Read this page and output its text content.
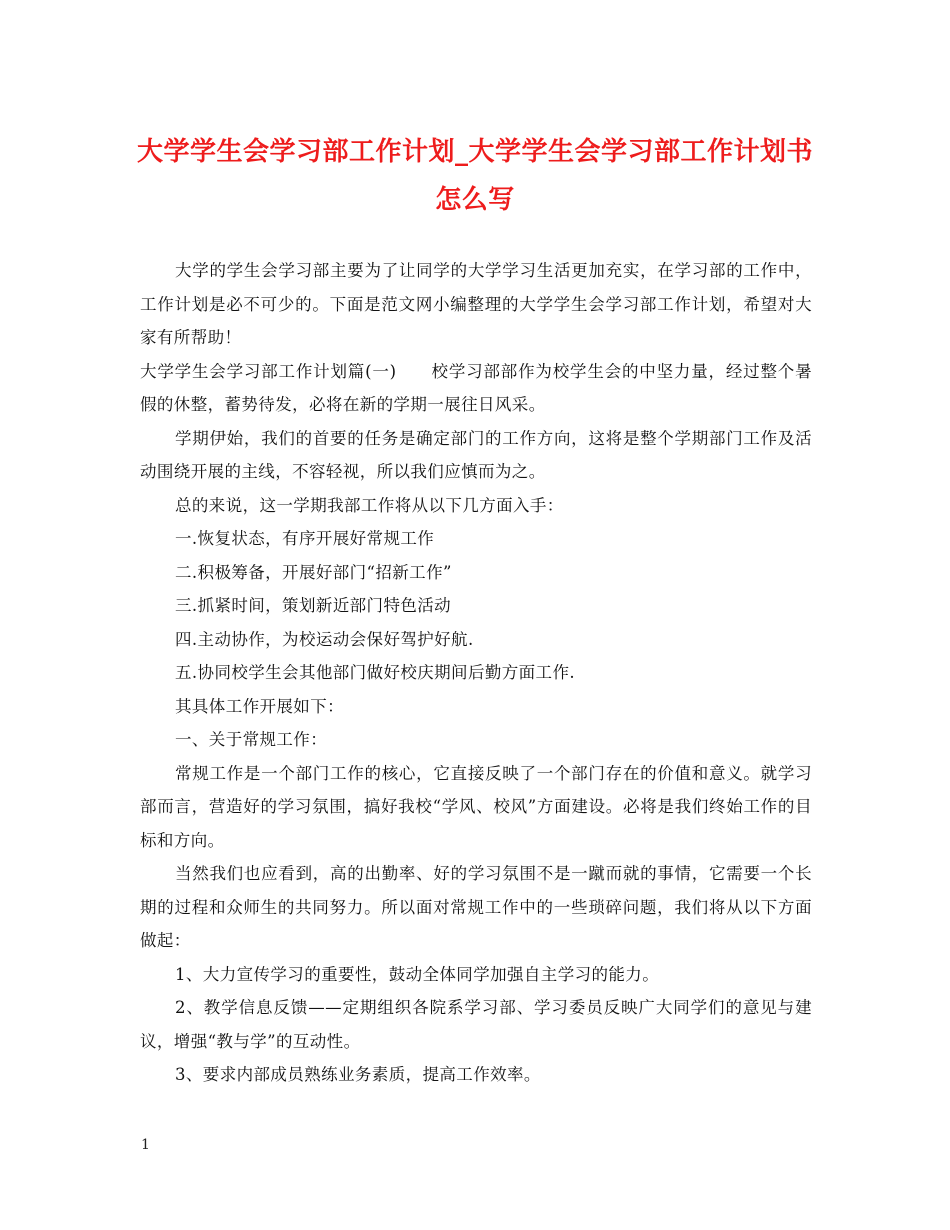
大学学生会学习部工作计划_大学学生会学习部工作计划书怎么写

大学的学生会学习部主要为了让同学的大学学习生活更加充实，在学习部的工作中，工作计划是必不可少的。下面是范文网小编整理的大学学生会学习部工作计划，希望对大家有所帮助！

大学学生会学习部工作计划篇(一)　　校学习部部作为校学生会的中坚力量，经过整个暑假的休整，蓄势待发，必将在新的学期一展往日风采。

学期伊始，我们的首要的任务是确定部门的工作方向，这将是整个学期部门工作及活动围绕开展的主线，不容轻视，所以我们应慎而为之。

总的来说，这一学期我部工作将从以下几方面入手：

一.恢复状态，有序开展好常规工作

二.积极筹备，开展好部门“招新工作”

三.抓紧时间，策划新近部门特色活动

四.主动协作，为校运动会保好驾护好航.

五.协同校学生会其他部门做好校庆期间后勤方面工作.

其具体工作开展如下：

一、关于常规工作：

常规工作是一个部门工作的核心，它直接反映了一个部门存在的价值和意义。就学习部而言，营造好的学习氛围，搞好我校“学风、校风”方面建设。必将是我们终始工作的目标和方向。

当然我们也应看到，高的出勤率、好的学习氛围不是一蹴而就的事情，它需要一个长期的过程和众师生的共同努力。所以面对常规工作中的一些琐碎问题，我们将从以下方面做起：

1、大力宣传学习的重要性，鼓动全体同学加强自主学习的能力。

2、教学信息反馈——定期组织各院系学习部、学习委员反映广大同学们的意见与建议，增强“教与学”的互动性。

3、要求内部成员熟练业务素质，提高工作效率。

1
